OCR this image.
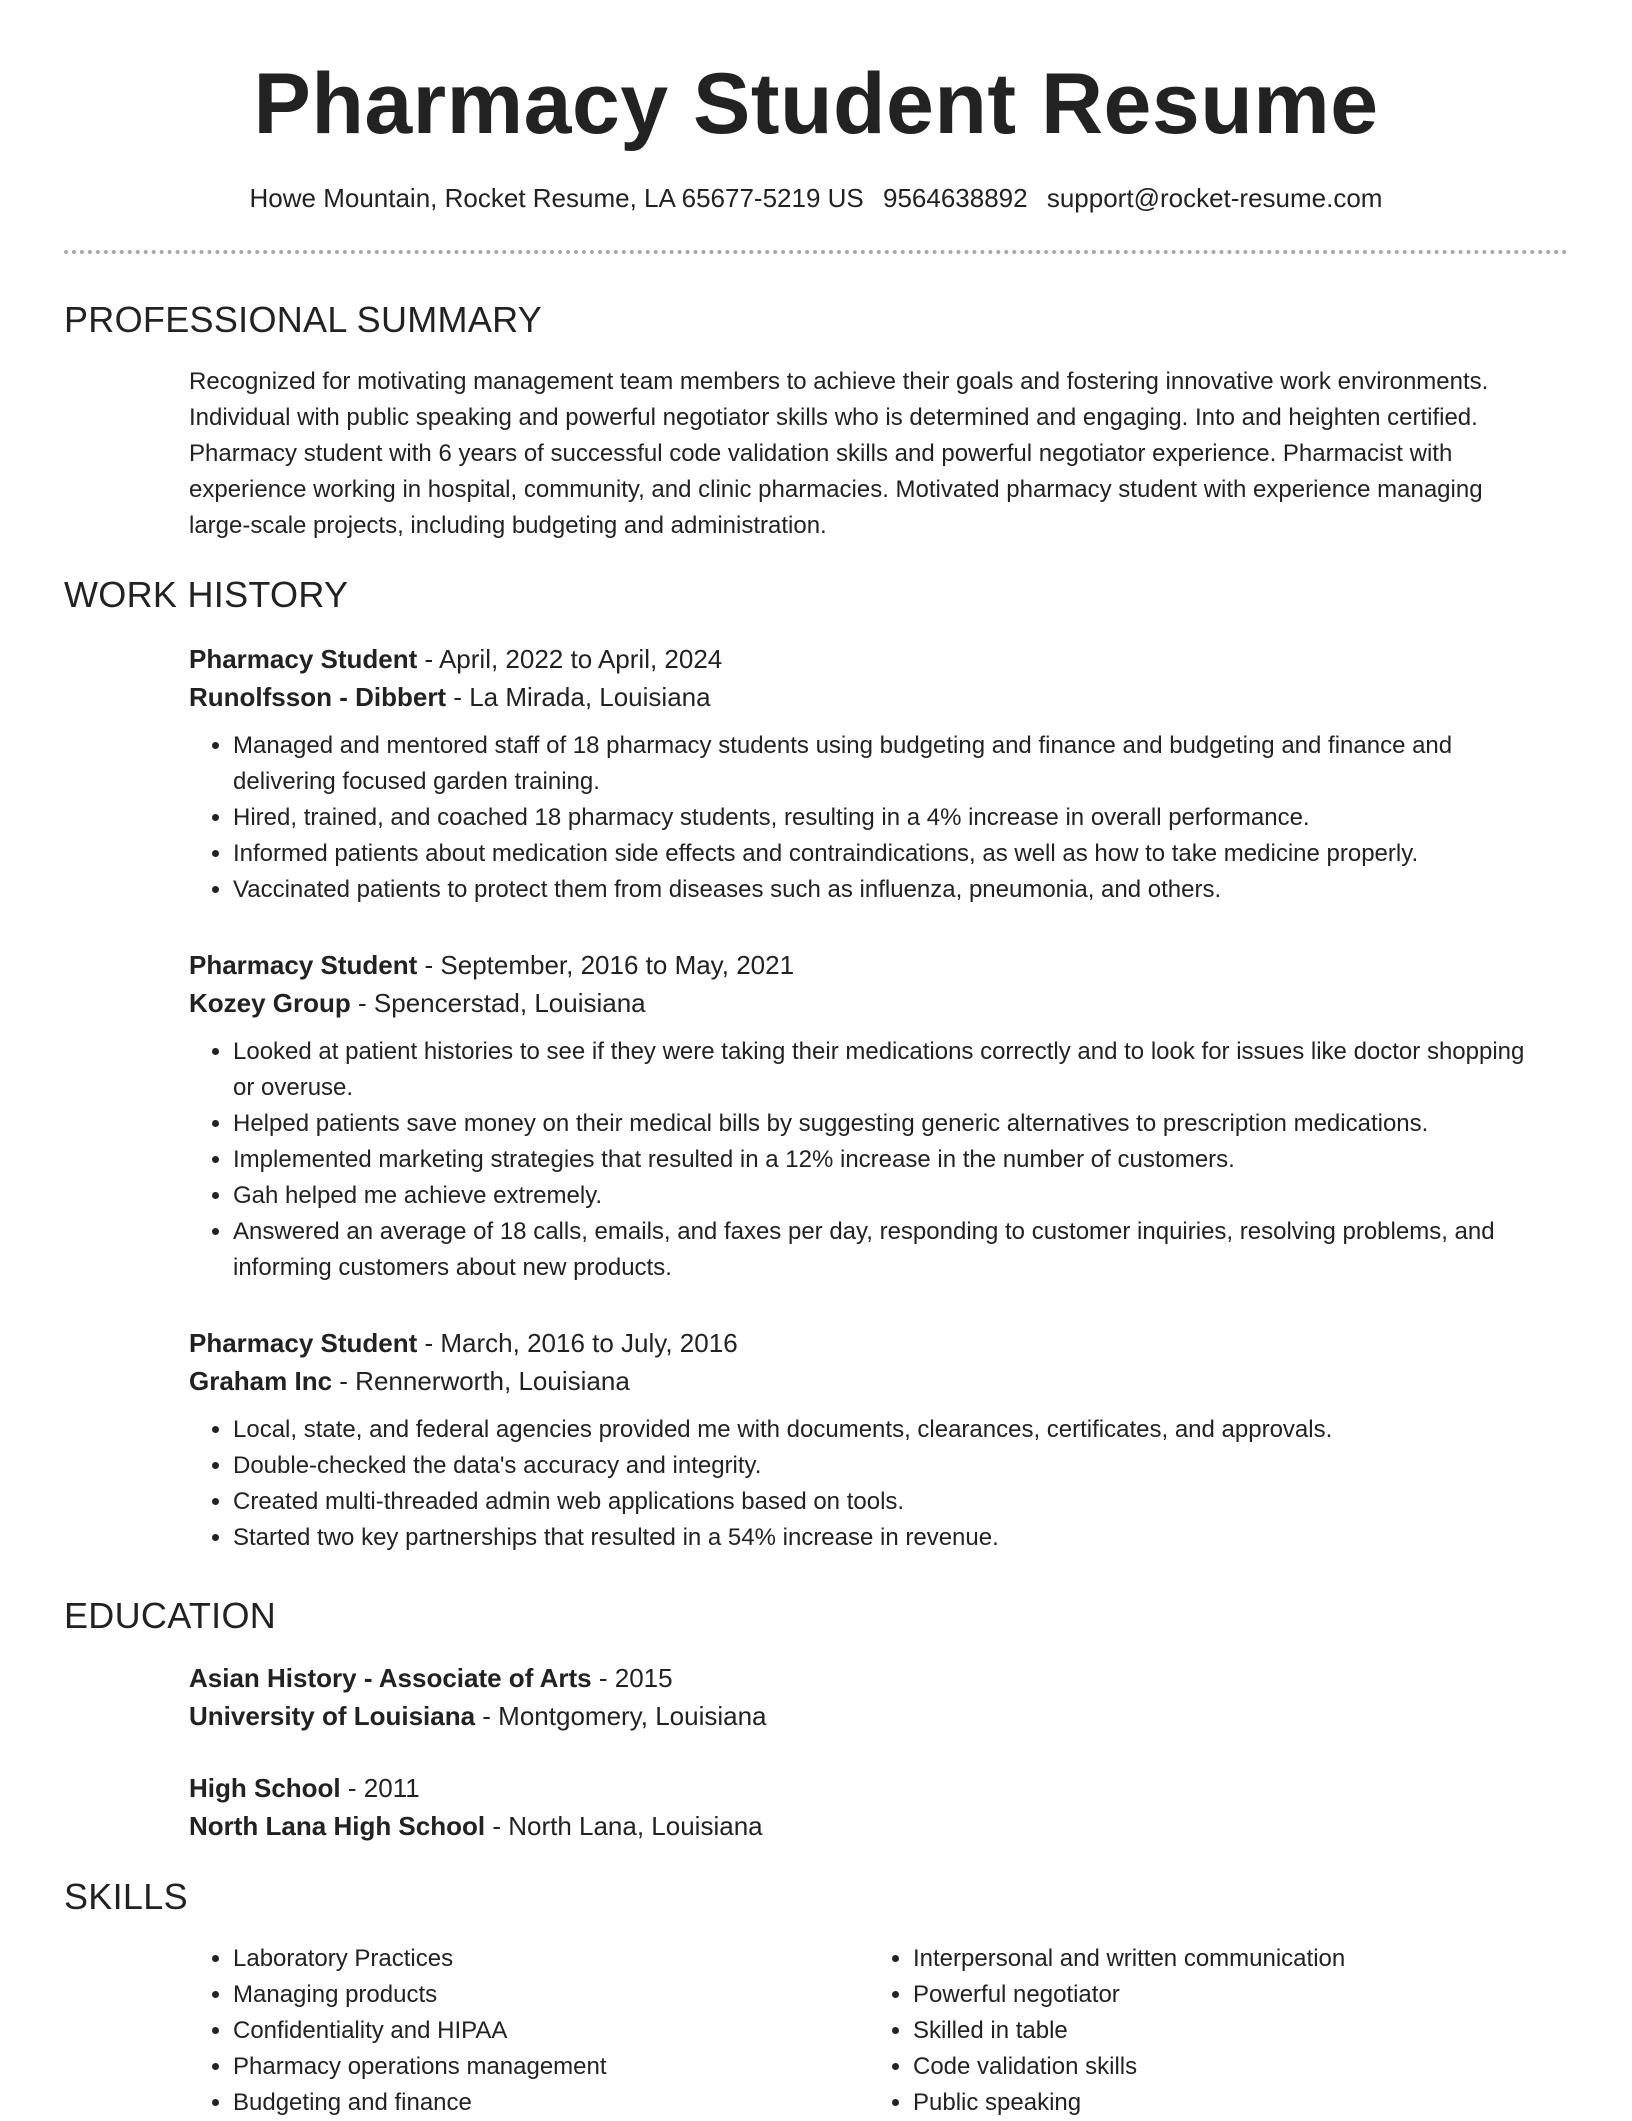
Pharmacy Student Resume
Howe Mountain, Rocket Resume, LA 65677-5219 US 9564638892 support@rocket-resume.com
PROFESSIONAL SUMMARY

Recognized for motivating management team members to achieve their goals and fostering innovative work environments. Individual with public speaking and powerful negotiator skills who is determined and engaging. Into and heighten certified. Pharmacy student with 6 years of successful code validation skills and powerful negotiator experience. Pharmacist with experience working in hospital, community, and clinic pharmacies. Motivated pharmacy student with experience managing large-scale projects, including budgeting and administration.

WORK HISTORY

Pharmacy Student - April, 2022 to April, 2024

Runolfsson - Dibbert - La Mirada, Louisiana

• Managed and mentored staff of 18 pharmacy students using budgeting and finance and budgeting and finance and delivering focused garden training.
• Hired, trained, and coached 18 pharmacy students, resulting in a 4% increase in overall performance.
• Informed patients about medication side effects and contraindications, as well as how to take medicine properly.
• Vaccinated patients to protect them from diseases such as influenza, pneumonia, and others.

Pharmacy Student - September, 2016 to May, 2021

Kozey Group - Spencerstad, Louisiana

• Looked at patient histories to see if they were taking their medications correctly and to look for issues like doctor shopping or overuse.
• Helped patients save money on their medical bills by suggesting generic alternatives to prescription medications.
• Implemented marketing strategies that resulted in a 12% increase in the number of customers.
• Gah helped me achieve extremely.
• Answered an average of 18 calls, emails, and faxes per day, responding to customer inquiries, resolving problems, and informing customers about new products.

Pharmacy Student - March, 2016 to July, 2016

Graham Inc - Rennerworth, Louisiana

• Local, state, and federal agencies provided me with documents, clearances, certificates, and approvals.
• Double-checked the data's accuracy and integrity.
• Created multi-threaded admin web applications based on tools.
• Started two key partnerships that resulted in a 54% increase in revenue.
EDUCATION

Asian History - Associate of Arts - 2015

University of Louisiana - Montgomery, Louisiana

High School - 2011

North Lana High School - North Lana, Louisiana

SKILLS
• Laboratory Practices
• Managing products
• Confidentiality and HIPAA
• Pharmacy operations management
• Budgeting and finance
• Interpersonal and written communication
• Powerful negotiator
• Skilled in table
• Code validation skills
• Public speaking
